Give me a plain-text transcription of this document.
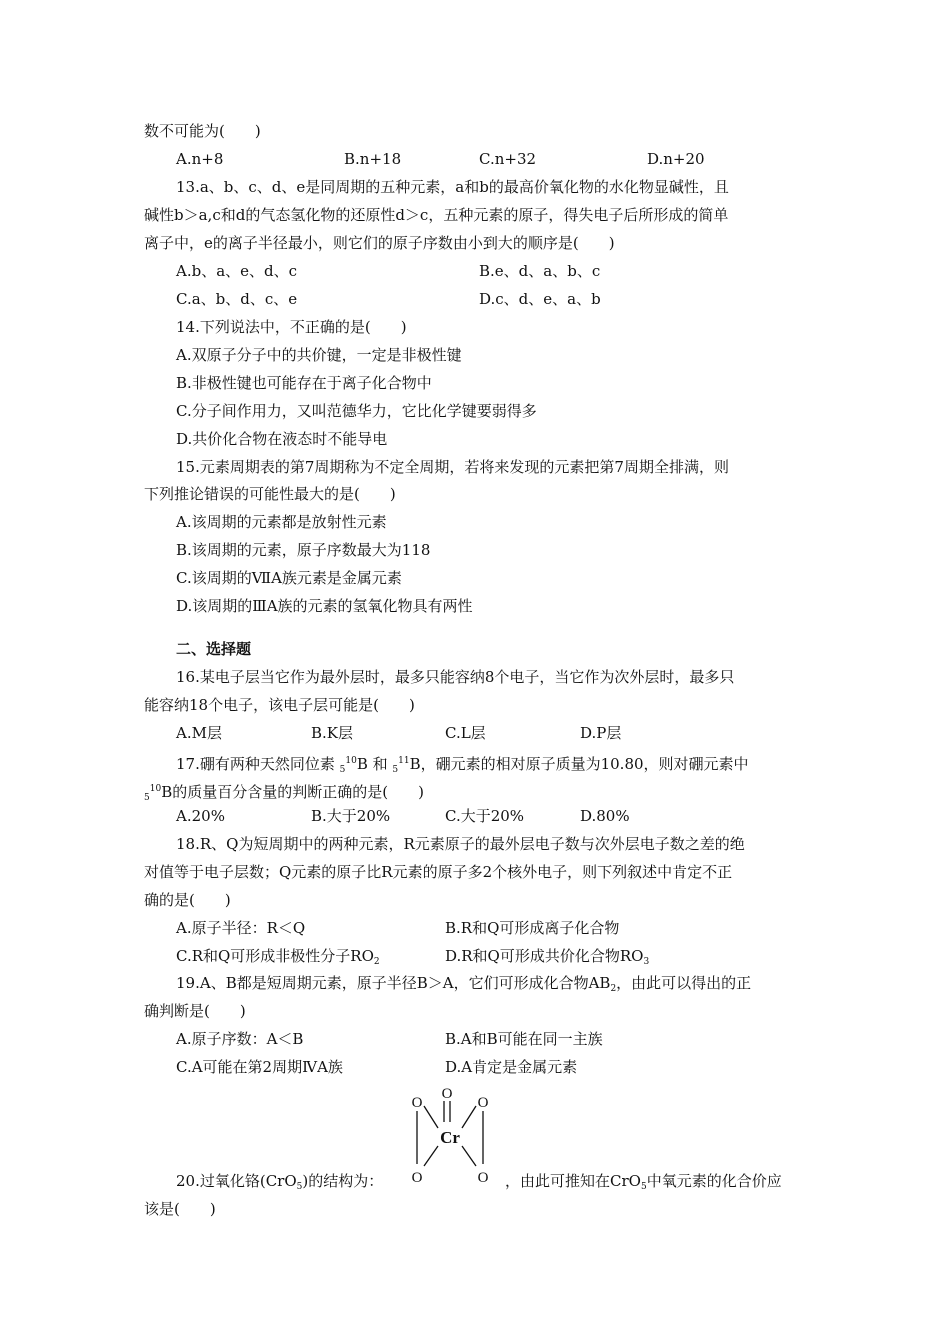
数不可能为(　　)
A.n+8	B.n+18	C.n+32	D.n+20
13.a、b、c、d、e是同周期的五种元素，a和b的最高价氧化物的水化物显碱性，且
碱性b＞a,c和d的气态氢化物的还原性d＞c，五种元素的原子，得失电子后所形成的简单
离子中，e的离子半径最小，则它们的原子序数由小到大的顺序是(　　)
A.b、a、e、d、c	B.e、d、a、b、c
C.a、b、d、c、e	D.c、d、e、a、b
14.下列说法中，不正确的是(　　)
A.双原子分子中的共价键，一定是非极性键
B.非极性键也可能存在于离子化合物中
C.分子间作用力，又叫范德华力，它比化学键要弱得多
D.共价化合物在液态时不能导电
15.元素周期表的第7周期称为不定全周期，若将来发现的元素把第7周期全排满，则
下列推论错误的可能性最大的是(　　)
A.该周期的元素都是放射性元素
B.该周期的元素，原子序数最大为118
C.该周期的ⅦA族元素是金属元素
D.该周期的ⅢA族的元素的氢氧化物具有两性
二、选择题
16.某电子层当它作为最外层时，最多只能容纳8个电子，当它作为次外层时，最多只
能容纳18个电子，该电子层可能是(　　)
A.M层	B.K层	C.L层	D.P层
17.硼有两种天然同位素 $_5^{10}$B 和 $_5^{11}$B，硼元素的相对原子质量为10.80，则对硼元素中
$_5^{10}$B的质量百分含量的判断正确的是(　　)
A.20%	B.大于20%	C.大于20%	D.80%
18.R、Q为短周期中的两种元素，R元素原子的最外层电子数与次外层电子数之差的绝
对值等于电子层数；Q元素的原子比R元素的原子多2个核外电子，则下列叙述中肯定不正
确的是(　　)
A.原子半径：R＜Q	B.R和Q可形成离子化合物
C.R和Q可形成非极性分子$RO_2$	D.R和Q可形成共价化合物$RO_3$
19.A、B都是短周期元素，原子半径B＞A，它们可形成化合物$AB_2$，由此可以得出的正
确判断是(　　)
A.原子序数：A＜B	B.A和B可能在同一主族
C.A可能在第2周期ⅣA族	D.A肯定是金属元素
O
O	O
O	O
Cr
20.过氧化铬(CrO$_5$)的结构为：	，由此可推知在CrO$_5$中氧元素的化合价应
该是(　　)
